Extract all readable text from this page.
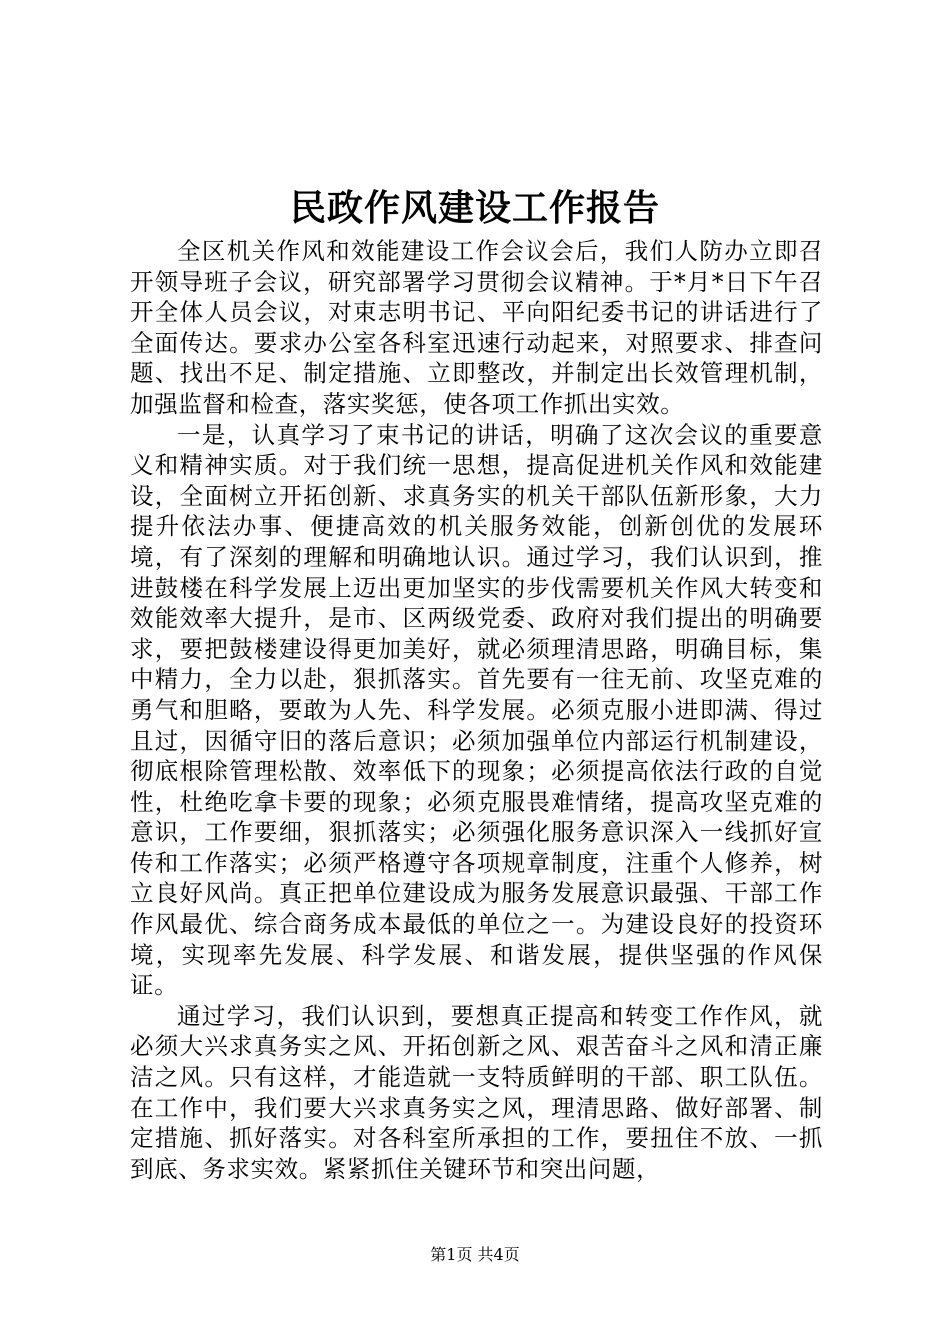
民政作风建设工作报告

全区机关作风和效能建设工作会议会后，我们人防办立即召开领导班子会议，研究部署学习贯彻会议精神。于*月*日下午召开全体人员会议，对束志明书记、平向阳纪委书记的讲话进行了全面传达。要求办公室各科室迅速行动起来，对照要求、排查问题、找出不足、制定措施、立即整改，并制定出长效管理机制，加强监督和检查，落实奖惩，使各项工作抓出实效。

一是，认真学习了束书记的讲话，明确了这次会议的重要意义和精神实质。对于我们统一思想，提高促进机关作风和效能建设，全面树立开拓创新、求真务实的机关干部队伍新形象，大力提升依法办事、便捷高效的机关服务效能，创新创优的发展环境，有了深刻的理解和明确地认识。通过学习，我们认识到，推进鼓楼在科学发展上迈出更加坚实的步伐需要机关作风大转变和效能效率大提升，是市、区两级党委、政府对我们提出的明确要求，要把鼓楼建设得更加美好，就必须理清思路，明确目标，集中精力，全力以赴，狠抓落实。首先要有一往无前、攻坚克难的勇气和胆略，要敢为人先、科学发展。必须克服小进即满、得过且过，因循守旧的落后意识；必须加强单位内部运行机制建设，彻底根除管理松散、效率低下的现象；必须提高依法行政的自觉性，杜绝吃拿卡要的现象；必须克服畏难情绪，提高攻坚克难的意识，工作要细，狠抓落实；必须强化服务意识深入一线抓好宣传和工作落实；必须严格遵守各项规章制度，注重个人修养，树立良好风尚。真正把单位建设成为服务发展意识最强、干部工作作风最优、综合商务成本最低的单位之一。为建设良好的投资环境，实现率先发展、科学发展、和谐发展，提供坚强的作风保证。

通过学习，我们认识到，要想真正提高和转变工作作风，就必须大兴求真务实之风、开拓创新之风、艰苦奋斗之风和清正廉洁之风。只有这样，才能造就一支特质鲜明的干部、职工队伍。在工作中，我们要大兴求真务实之风，理清思路、做好部署、制定措施、抓好落实。对各科室所承担的工作，要扭住不放、一抓到底、务求实效。紧紧抓住关键环节和突出问题，

第1页 共4页
